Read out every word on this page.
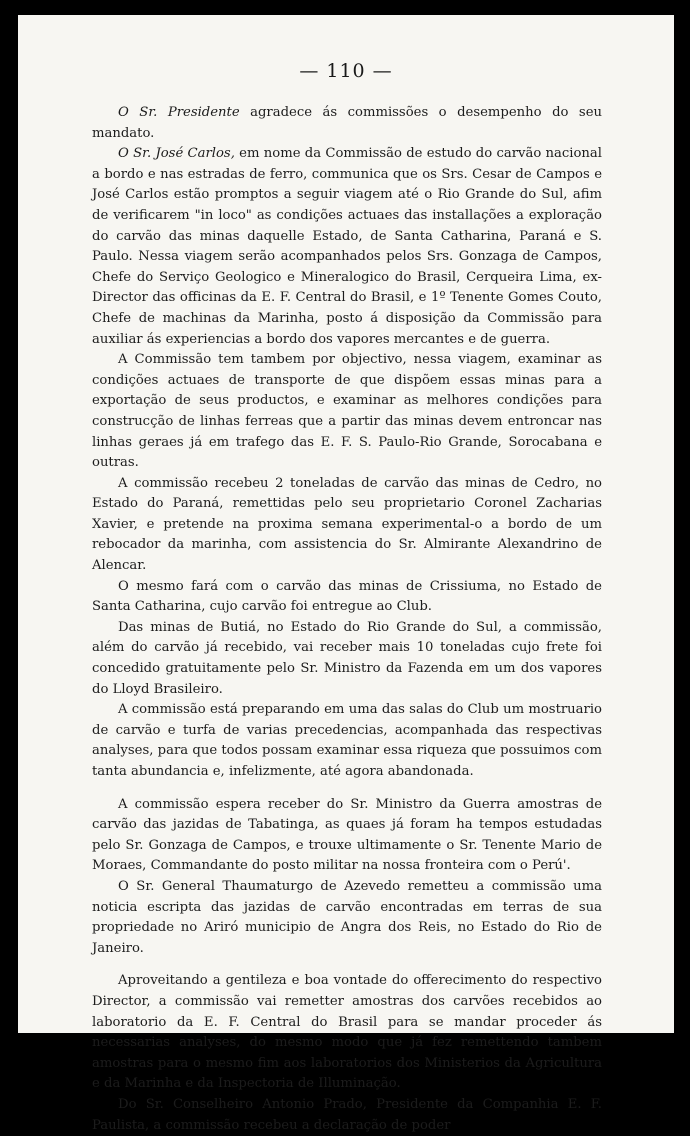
— 110 —

O Sr. Presidente agradece ás commissões o desempenho do seu mandato.

O Sr. José Carlos, em nome da Commissão de estudo do carvão nacional a bordo e nas estradas de ferro, communica que os Srs. Cesar de Campos e José Carlos estão promptos a seguir viagem até o Rio Grande do Sul, afim de verificarem "in loco" as condições actuaes das installações a exploração do carvão das minas daquelle Estado, de Santa Catharina, Paraná e S. Paulo. Nessa viagem serão acompanhados pelos Srs. Gonzaga de Campos, Chefe do Serviço Geologico e Mineralogico do Brasil, Cerqueira Lima, ex-Director das officinas da E. F. Central do Brasil, e 1º Tenente Gomes Couto, Chefe de machinas da Marinha, posto á disposição da Commissão para auxiliar ás experiencias a bordo dos vapores mercantes e de guerra.

A Commissão tem tambem por objectivo, nessa viagem, examinar as condições actuaes de transporte de que dispõem essas minas para a exportação de seus productos, e examinar as melhores condições para construcção de linhas ferreas que a partir das minas devem entroncar nas linhas geraes já em trafego das E. F. S. Paulo-Rio Grande, Sorocabana e outras.

A commissão recebeu 2 toneladas de carvão das minas de Cedro, no Estado do Paraná, remettidas pelo seu proprietario Coronel Zacharias Xavier, e pretende na proxima semana experimental-o a bordo de um rebocador da marinha, com assistencia do Sr. Almirante Alexandrino de Alencar.

O mesmo fará com o carvão das minas de Crissiuma, no Estado de Santa Catharina, cujo carvão foi entregue ao Club.

Das minas de Butiá, no Estado do Rio Grande do Sul, a commissão, além do carvão já recebido, vai receber mais 10 toneladas cujo frete foi concedido gratuitamente pelo Sr. Ministro da Fazenda em um dos vapores do Lloyd Brasileiro.

A commissão está preparando em uma das salas do Club um mostruario de carvão e turfa de varias precedencias, acompanhada das respectivas analyses, para que todos possam examinar essa riqueza que possuimos com tanta abundancia e, infelizmente, até agora abandonada.

A commissão espera receber do Sr. Ministro da Guerra amostras de carvão das jazidas de Tabatinga, as quaes já foram ha tempos estudadas pelo Sr. Gonzaga de Campos, e trouxe ultimamente o Sr. Tenente Mario de Moraes, Commandante do posto militar na nossa fronteira com o Perú'.

O Sr. General Thaumaturgo de Azevedo remetteu a commissão uma noticia escripta das jazidas de carvão encontradas em terras de sua propriedade no Ariró municipio de Angra dos Reis, no Estado do Rio de Janeiro.

Aproveitando a gentileza e boa vontade do offerecimento do respectivo Director, a commissão vai remetter amostras dos carvões recebidos ao laboratorio da E. F. Central do Brasil para se mandar proceder ás necessarias analyses, do mesmo modo que já fez remettendo tambem amostras para o mesmo fim aos laboratorios dos Ministerios da Agricultura e da Marinha e da Inspectoria de Illuminação.

Do Sr. Conselheiro Antonio Prado, Presidente da Companhia E. F. Paulista, a commissão recebeu a declaração de poder
